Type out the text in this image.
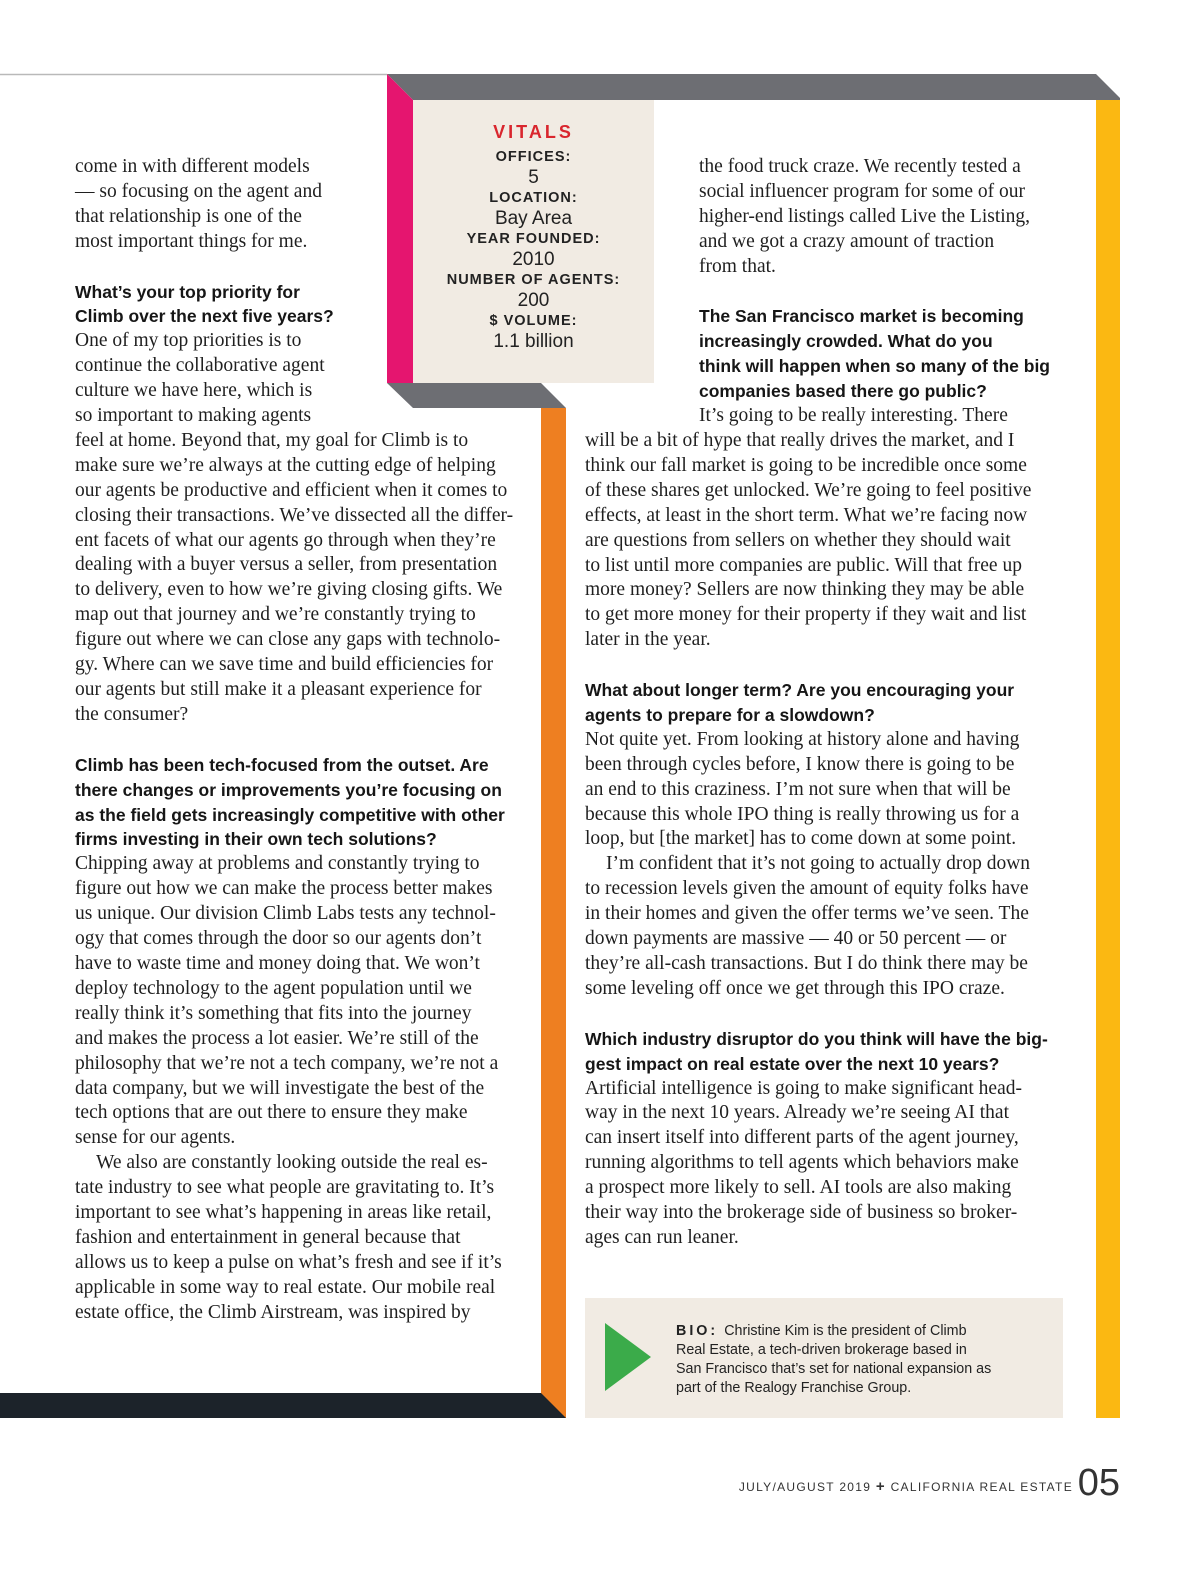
VITALS
OFFICES:
5
LOCATION:
Bay Area
YEAR FOUNDED:
2010
NUMBER OF AGENTS:
200
$ VOLUME:
1.1 billion
come in with different models
— so focusing on the agent and
that relationship is one of the
most important things for me.
What’s your top priority for
Climb over the next five years?
One of my top priorities is to
continue the collaborative agent
culture we have here, which is
so important to making agents
feel at home. Beyond that, my goal for Climb is to
make sure we’re always at the cutting edge of helping
our agents be productive and efficient when it comes to
closing their transactions. We’ve dissected all the differ-
ent facets of what our agents go through when they’re
dealing with a buyer versus a seller, from presentation
to delivery, even to how we’re giving closing gifts. We
map out that journey and we’re constantly trying to
figure out where we can close any gaps with technolo-
gy. Where can we save time and build efficiencies for
our agents but still make it a pleasant experience for
the consumer?
Climb has been tech-focused from the outset. Are
there changes or improvements you’re focusing on
as the field gets increasingly competitive with other
firms investing in their own tech solutions?
Chipping away at problems and constantly trying to
figure out how we can make the process better makes
us unique. Our division Climb Labs tests any technol-
ogy that comes through the door so our agents don’t
have to waste time and money doing that. We won’t
deploy technology to the agent population until we
really think it’s something that fits into the journey
and makes the process a lot easier. We’re still of the
philosophy that we’re not a tech company, we’re not a
data company, but we will investigate the best of the
tech options that are out there to ensure they make
sense for our agents.
We also are constantly looking outside the real es-
tate industry to see what people are gravitating to. It’s
important to see what’s happening in areas like retail,
fashion and entertainment in general because that
allows us to keep a pulse on what’s fresh and see if it’s
applicable in some way to real estate. Our mobile real
estate office, the Climb Airstream, was inspired by
the food truck craze. We recently tested a
social influencer program for some of our
higher-end listings called Live the Listing,
and we got a crazy amount of traction
from that.
The San Francisco market is becoming
increasingly crowded. What do you
think will happen when so many of the big
companies based there go public?
It’s going to be really interesting. There
will be a bit of hype that really drives the market, and I
think our fall market is going to be incredible once some
of these shares get unlocked. We’re going to feel positive
effects, at least in the short term. What we’re facing now
are questions from sellers on whether they should wait
to list until more companies are public. Will that free up
more money? Sellers are now thinking they may be able
to get more money for their property if they wait and list
later in the year.
What about longer term? Are you encouraging your
agents to prepare for a slowdown?
Not quite yet. From looking at history alone and having
been through cycles before, I know there is going to be
an end to this craziness. I’m not sure when that will be
because this whole IPO thing is really throwing us for a
loop, but [the market] has to come down at some point.
I’m confident that it’s not going to actually drop down
to recession levels given the amount of equity folks have
in their homes and given the offer terms we’ve seen. The
down payments are massive — 40 or 50 percent — or
they’re all-cash transactions. But I do think there may be
some leveling off once we get through this IPO craze.
Which industry disruptor do you think will have the big-
gest impact on real estate over the next 10 years?
Artificial intelligence is going to make significant head-
way in the next 10 years. Already we’re seeing AI that
can insert itself into different parts of the agent journey,
running algorithms to tell agents which behaviors make
a prospect more likely to sell. AI tools are also making
their way into the brokerage side of business so broker-
ages can run leaner.
BIO: Christine Kim is the president of Climb
Real Estate, a tech-driven brokerage based in
San Francisco that’s set for national expansion as
part of the Realogy Franchise Group.
JULY/AUGUST 2019 + CALIFORNIA REAL ESTATE 05
